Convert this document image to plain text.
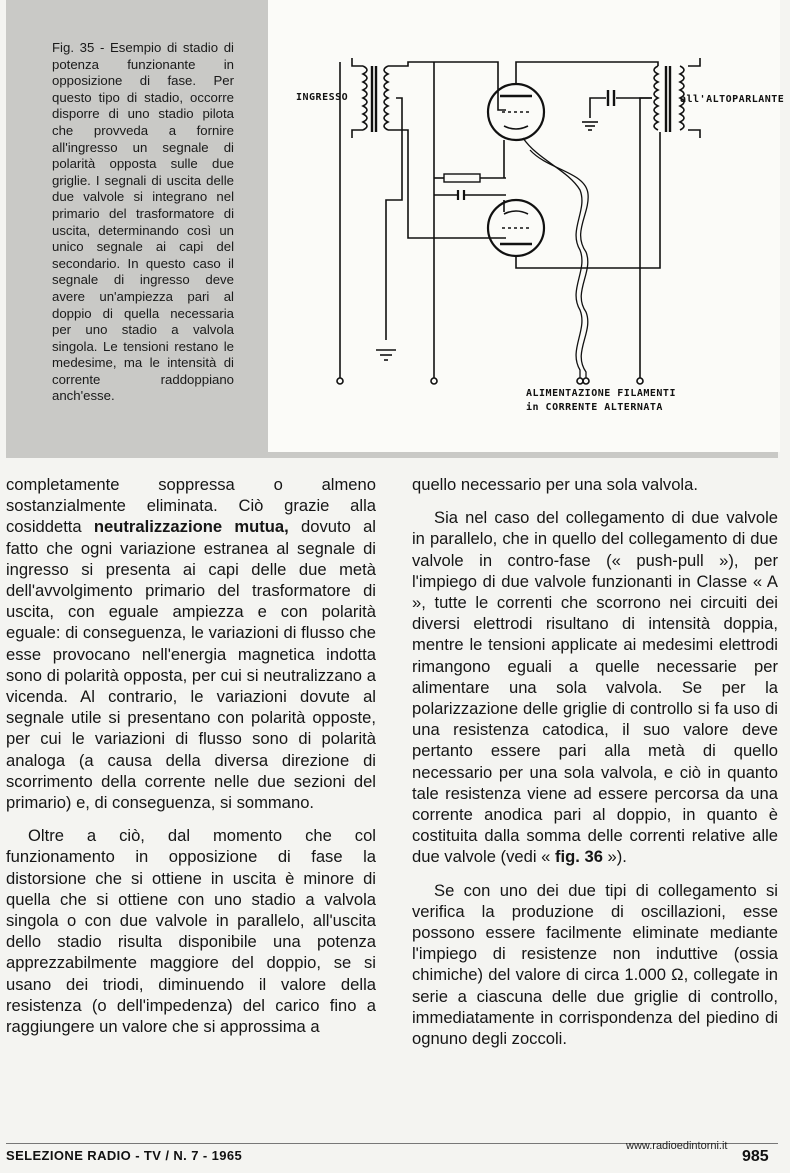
Fig. 35 - Esempio di stadio di potenza funzionante in opposizione di fase. Per questo tipo di stadio, occorre disporre di uno stadio pilota che provveda a fornire all'ingresso un segnale di polarità opposta sulle due griglie. I segnali di uscita delle due valvole si integrano nel primario del trasformatore di uscita, determinando così un unico segnale ai capi del secondario. In questo caso il segnale di ingresso deve avere un'ampiezza pari al doppio di quella necessaria per uno stadio a valvola singola. Le tensioni restano le medesime, ma le intensità di corrente raddoppiano anch'esse.
INGRESSO	all'ALTOPARLANTE
ALIMENTAZIONE FILAMENTI
in CORRENTE ALTERNATA

completamente soppressa o almeno sostanzialmente eliminata. Ciò grazie alla cosiddetta neutralizzazione mutua, dovuto al fatto che ogni variazione estranea al segnale di ingresso si presenta ai capi delle due metà dell'avvolgimento primario del trasformatore di uscita, con eguale ampiezza e con polarità eguale: di conseguenza, le variazioni di flusso che esse provocano nell'energia magnetica indotta sono di polarità opposta, per cui si neutralizzano a vicenda. Al contrario, le variazioni dovute al segnale utile si presentano con polarità opposte, per cui le variazioni di flusso sono di polarità analoga (a causa della diversa direzione di scorrimento della corrente nelle due sezioni del primario) e, di conseguenza, si sommano.

Oltre a ciò, dal momento che col funzionamento in opposizione di fase la distorsione che si ottiene in uscita è minore di quella che si ottiene con uno stadio a valvola singola o con due valvole in parallelo, all'uscita dello stadio risulta disponibile una potenza apprezzabilmente maggiore del doppio, se si usano dei triodi, diminuendo il valore della resistenza (o dell'impedenza) del carico fino a raggiungere un valore che si approssima a

quello necessario per una sola valvola.

Sia nel caso del collegamento di due valvole in parallelo, che in quello del collegamento di due valvole in contro-fase (« push-pull »), per l'impiego di due valvole funzionanti in Classe « A », tutte le correnti che scorrono nei circuiti dei diversi elettrodi risultano di intensità doppia, mentre le tensioni applicate ai medesimi elettrodi rimangono eguali a quelle necessarie per alimentare una sola valvola. Se per la polarizzazione delle griglie di controllo si fa uso di una resistenza catodica, il suo valore deve pertanto essere pari alla metà di quello necessario per una sola valvola, e ciò in quanto tale resistenza viene ad essere percorsa da una corrente anodica pari al doppio, in quanto è costituita dalla somma delle correnti relative alle due valvole (vedi « fig. 36 »).

Se con uno dei due tipi di collegamento si verifica la produzione di oscillazioni, esse possono essere facilmente eliminate mediante l'impiego di resistenze non induttive (ossia chimiche) del valore di circa 1.000 Ω, collegate in serie a ciascuna delle due griglie di controllo, immediatamente in corrispondenza del piedino di ognuno degli zoccoli.

SELEZIONE RADIO - TV / N. 7 - 1965
www.radioedintorni.it
985
